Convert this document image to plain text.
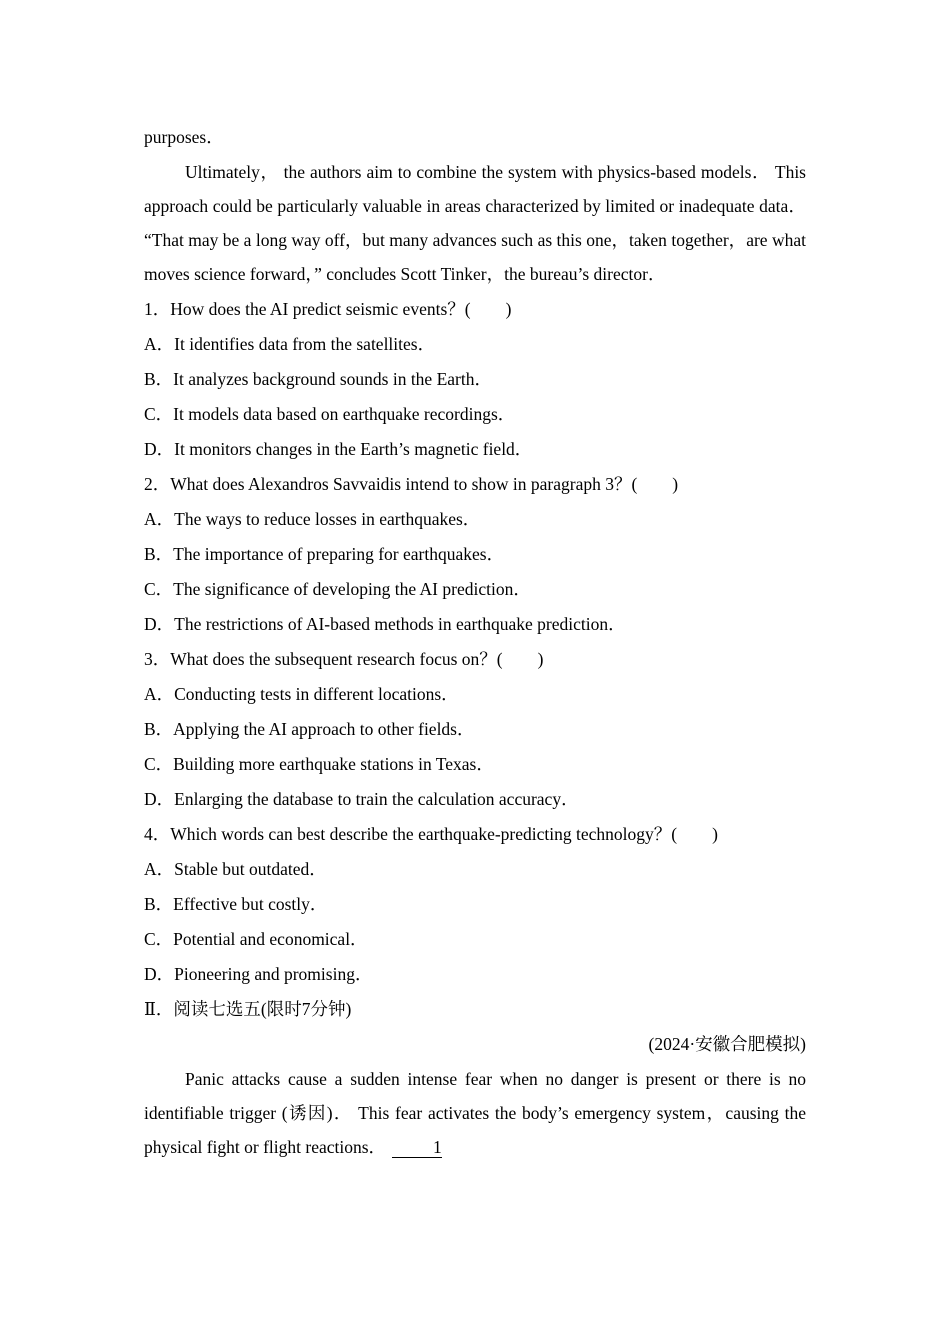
purposes．
Ultimately， the authors aim to combine the system with physics-based models． This approach could be particularly valuable in areas characterized by limited or inadequate data． “That may be a long way off，but many advances such as this one，taken together，are what moves science forward，” concludes Scott Tinker，the bureau’s director．
1．How does the AI predict seismic events？(　　)
A．It identifies data from the satellites．
B．It analyzes background sounds in the Earth．
C．It models data based on earthquake recordings．
D．It monitors changes in the Earth’s magnetic field．
2．What does Alexandros Savvaidis intend to show in paragraph 3？(　　)
A．The ways to reduce losses in earthquakes．
B．The importance of preparing for earthquakes．
C．The significance of developing the AI prediction．
D．The restrictions of AI-based methods in earthquake prediction．
3．What does the subsequent research focus on？(　　)
A．Conducting tests in different locations．
B．Applying the AI approach to other fields．
C．Building more earthquake stations in Texas．
D．Enlarging the database to train the calculation accuracy．
4．Which words can best describe the earthquake-predicting technology？(　　)
A．Stable but outdated．
B．Effective but costly．
C．Potential and economical．
D．Pioneering and promising．
Ⅱ．阅读七选五(限时7分钟)
(2024·安徽合肥模拟)
Panic attacks cause a sudden intense fear when no danger is present or there is no identifiable trigger (诱因)． This fear activates the body’s emergency system，causing the physical fight or flight reactions．	1
